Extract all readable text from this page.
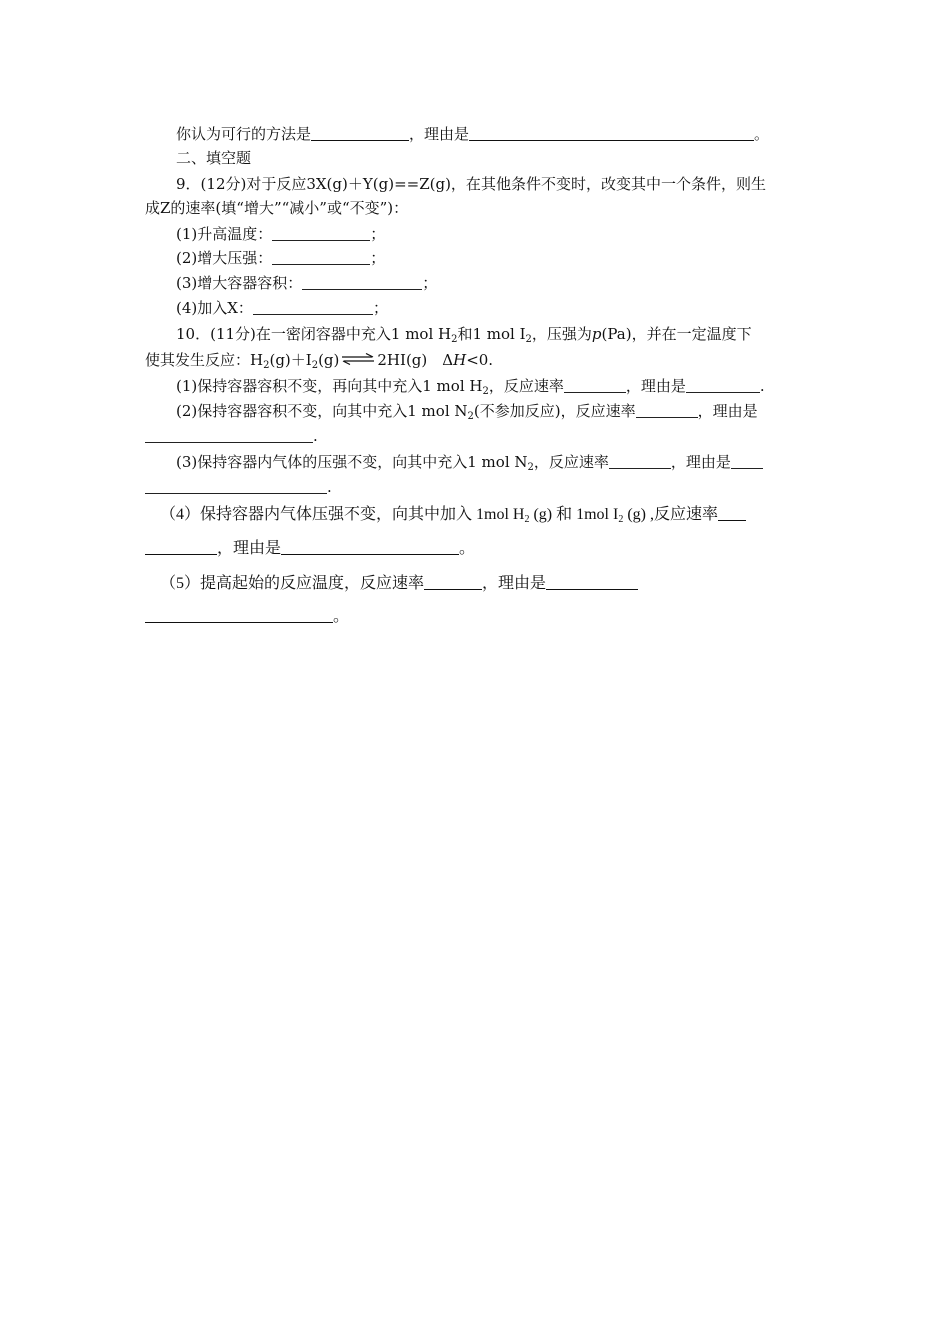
你认为可行的方法是	，理由是	。
二、填空题
9．(12分)对于反应3X(g)＋Y(g)==Z(g)，在其他条件不变时，改变其中一个条件，则生
成Z的速率(填“增大”“减小”或“不变”)：
(1)升高温度：	；
(2)增大压强：	；
(3)增大容器容积：	；
(4)加入X：	；
10．(11分)在一密闭容器中充入1 mol $H_2$和1 mol $I_2$，压强为p(Pa)，并在一定温度下
使其发生反应：$H_2(g)+I_2(g)$ ⇌ 2HI(g)　ΔH<0.
(1)保持容器容积不变，再向其中充入1 mol $H_2$，反应速率	，理由是	.
(2)保持容器容积不变，向其中充入1 mol $N_2$(不参加反应)，反应速率	，理由是
.
(3)保持容器内气体的压强不变，向其中充入1 mol $N_2$，反应速率	，理由是
.
（4）保持容器内气体压强不变，向其中加入 1mol $H_2$ (g) 和 1mol $I_2$ (g) ,反应速率
，理由是	。
（5）提高起始的反应温度，反应速率	，理由是
。
